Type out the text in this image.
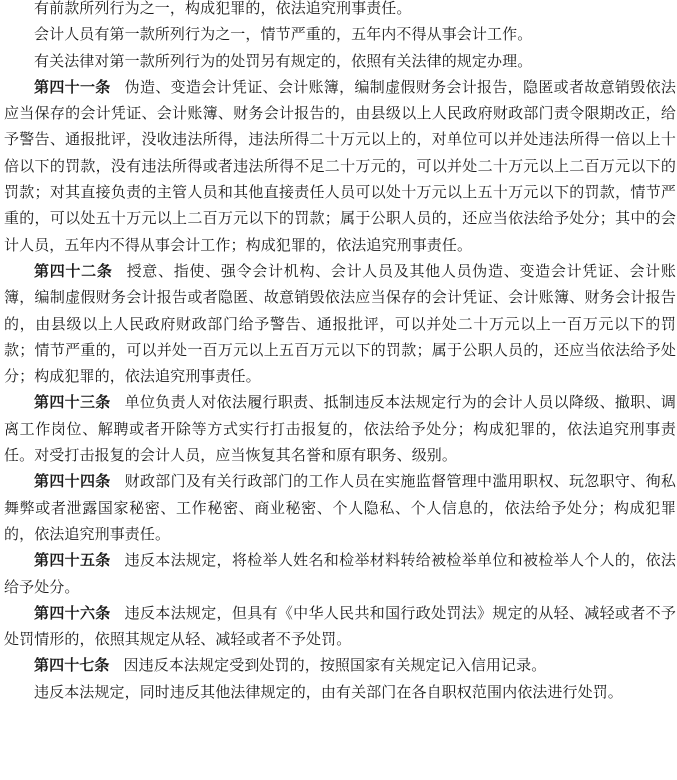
有前款所列行为之一，构成犯罪的，依法追究刑事责任。

会计人员有第一款所列行为之一，情节严重的，五年内不得从事会计工作。

有关法律对第一款所列行为的处罚另有规定的，依照有关法律的规定办理。

第四十一条 伪造、变造会计凭证、会计账簿，编制虚假财务会计报告，隐匿或者故意销毁依法应当保存的会计凭证、会计账簿、财务会计报告的，由县级以上人民政府财政部门责令限期改正，给予警告、通报批评，没收违法所得，违法所得二十万元以上的，对单位可以并处违法所得一倍以上十倍以下的罚款，没有违法所得或者违法所得不足二十万元的，可以并处二十万元以上二百万元以下的罚款；对其直接负责的主管人员和其他直接责任人员可以处十万元以上五十万元以下的罚款，情节严重的，可以处五十万元以上二百万元以下的罚款；属于公职人员的，还应当依法给予处分；其中的会计人员，五年内不得从事会计工作；构成犯罪的，依法追究刑事责任。

第四十二条 授意、指使、强令会计机构、会计人员及其他人员伪造、变造会计凭证、会计账簿，编制虚假财务会计报告或者隐匿、故意销毁依法应当保存的会计凭证、会计账簿、财务会计报告的，由县级以上人民政府财政部门给予警告、通报批评，可以并处二十万元以上一百万元以下的罚款；情节严重的，可以并处一百万元以上五百万元以下的罚款；属于公职人员的，还应当依法给予处分；构成犯罪的，依法追究刑事责任。

第四十三条 单位负责人对依法履行职责、抵制违反本法规定行为的会计人员以降级、撤职、调离工作岗位、解聘或者开除等方式实行打击报复的，依法给予处分；构成犯罪的，依法追究刑事责任。对受打击报复的会计人员，应当恢复其名誉和原有职务、级别。

第四十四条 财政部门及有关行政部门的工作人员在实施监督管理中滥用职权、玩忽职守、徇私舞弊或者泄露国家秘密、工作秘密、商业秘密、个人隐私、个人信息的，依法给予处分；构成犯罪的，依法追究刑事责任。

第四十五条 违反本法规定，将检举人姓名和检举材料转给被检举单位和被检举人个人的，依法给予处分。

第四十六条 违反本法规定，但具有《中华人民共和国行政处罚法》规定的从轻、减轻或者不予处罚情形的，依照其规定从轻、减轻或者不予处罚。

第四十七条 因违反本法规定受到处罚的，按照国家有关规定记入信用记录。

违反本法规定，同时违反其他法律规定的，由有关部门在各自职权范围内依法进行处罚。
